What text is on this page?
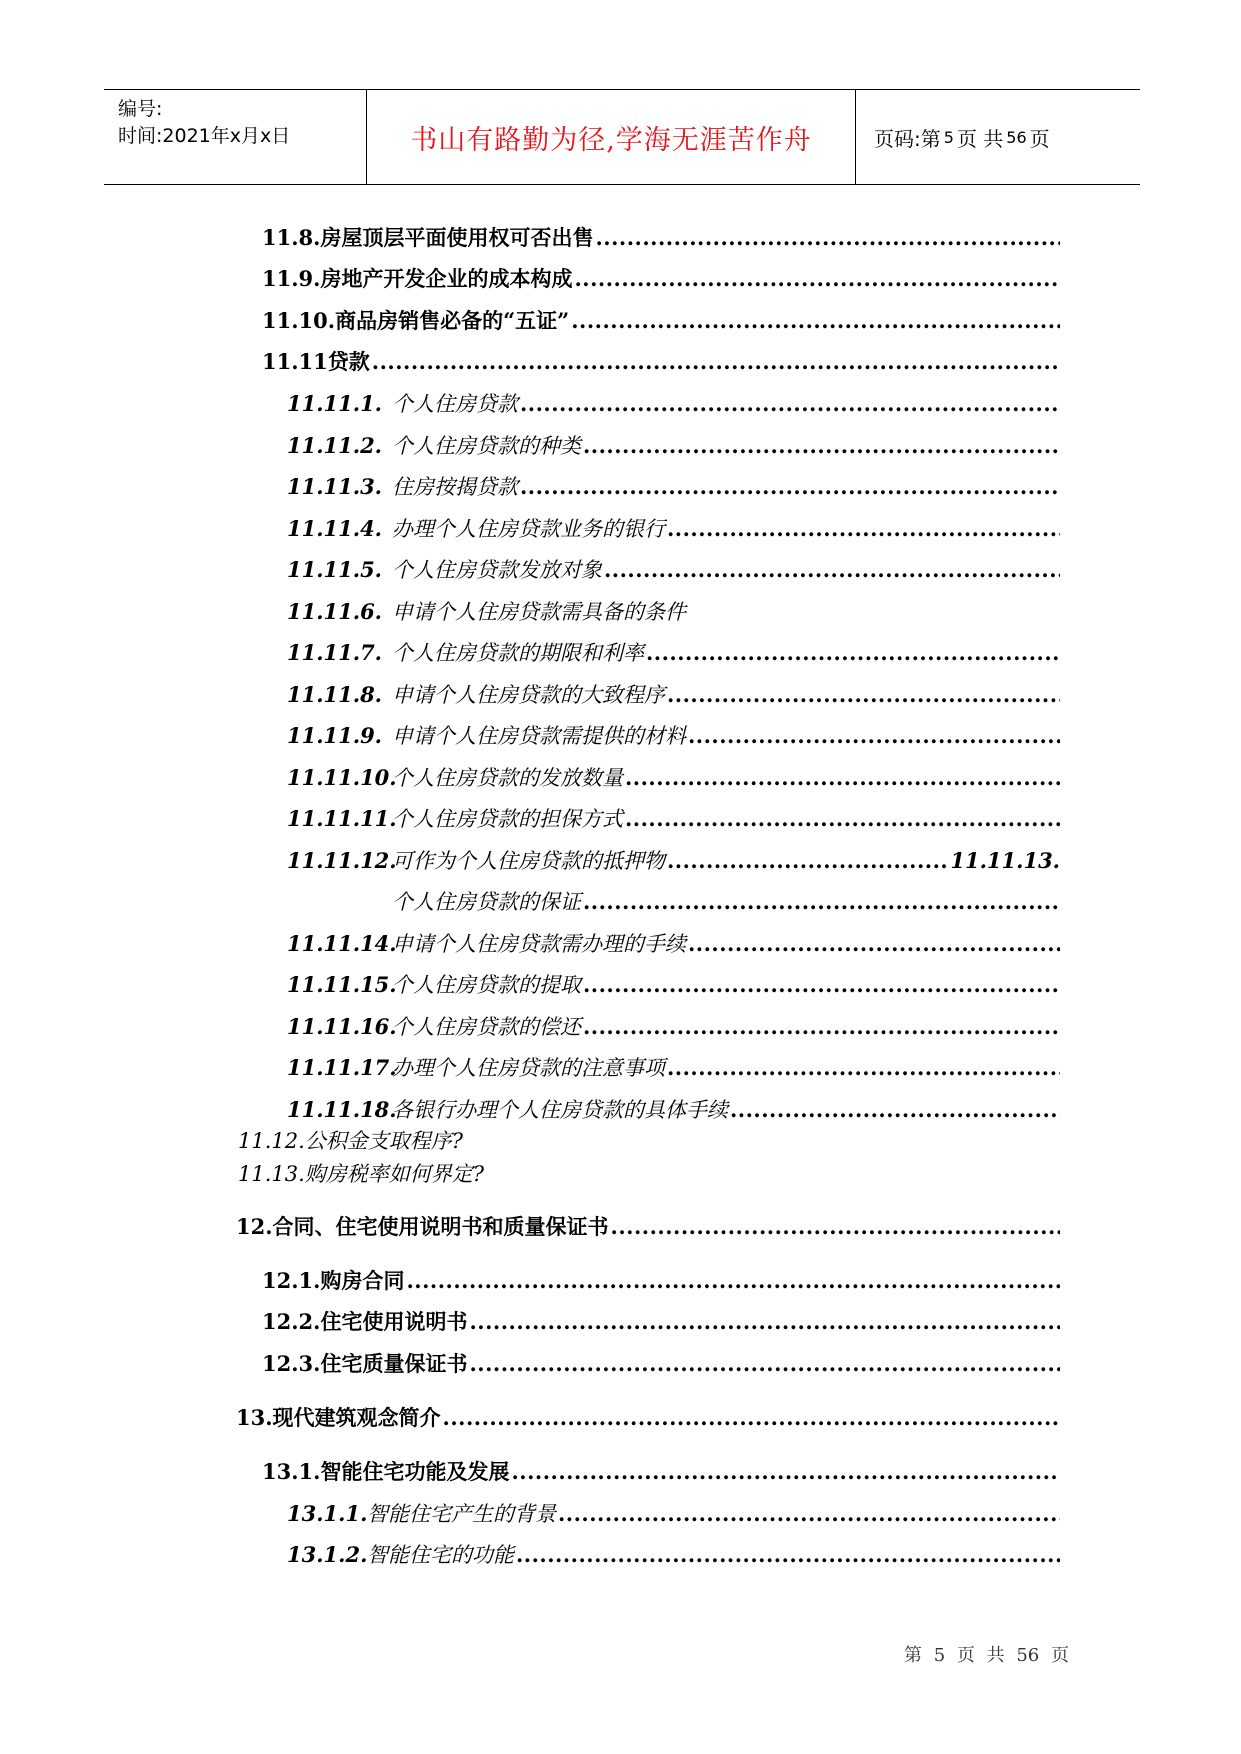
编号:
时间:2021年x月x日	书山有路勤为径,学海无涯苦作舟	页码:第 5 页 共 56 页
11.8. 房屋顶层平面使用权可否出售
.....
11.9. 房地产开发企业的成本构成
.....
11.10. 商品房销售必备的“五证”
.....
11.11 贷款
.....
11.11.1. 个人住房贷款
.....
11.11.2. 个人住房贷款的种类
.....
11.11.3. 住房按揭贷款
.....
11.11.4. 办理个人住房贷款业务的银行
.....
11.11.5. 个人住房贷款发放对象
.....
11.11.6. 申请个人住房贷款需具备的条件
11.11.7. 个人住房贷款的期限和利率
.....
11.11.8. 申请个人住房贷款的大致程序
.....
11.11.9. 申请个人住房贷款需提供的材料
.....
11.11.10.
个人住房贷款的发放数量
.....
11.11.11.
个人住房贷款的担保方式
.....
11.11.12.
可作为个人住房贷款的抵押物
.....	11.11.13.
个人住房贷款的保证
.....
11.11.14.
申请个人住房贷款需办理的手续
.....
11.11.15.
个人住房贷款的提取
.....
11.11.16.
个人住房贷款的偿还
.....
11.11.17.
办理个人住房贷款的注意事项
.....
11.11.18.
各银行办理个人住房贷款的具体手续
.....
11.12.公积金支取程序?
11.13.购房税率如何界定?
12.合同、住宅使用说明书和质量保证书
.....
12.1. 购房合同
.....
12.2. 住宅使用说明书
.....
12.3. 住宅质量保证书
.....
13.现代建筑观念简介
.....
13.1. 智能住宅功能及发展
.....
13.1.1. 智能住宅产生的背景
.....
13.1.2. 智能住宅的功能
.....
第 5 页 共 56 页
